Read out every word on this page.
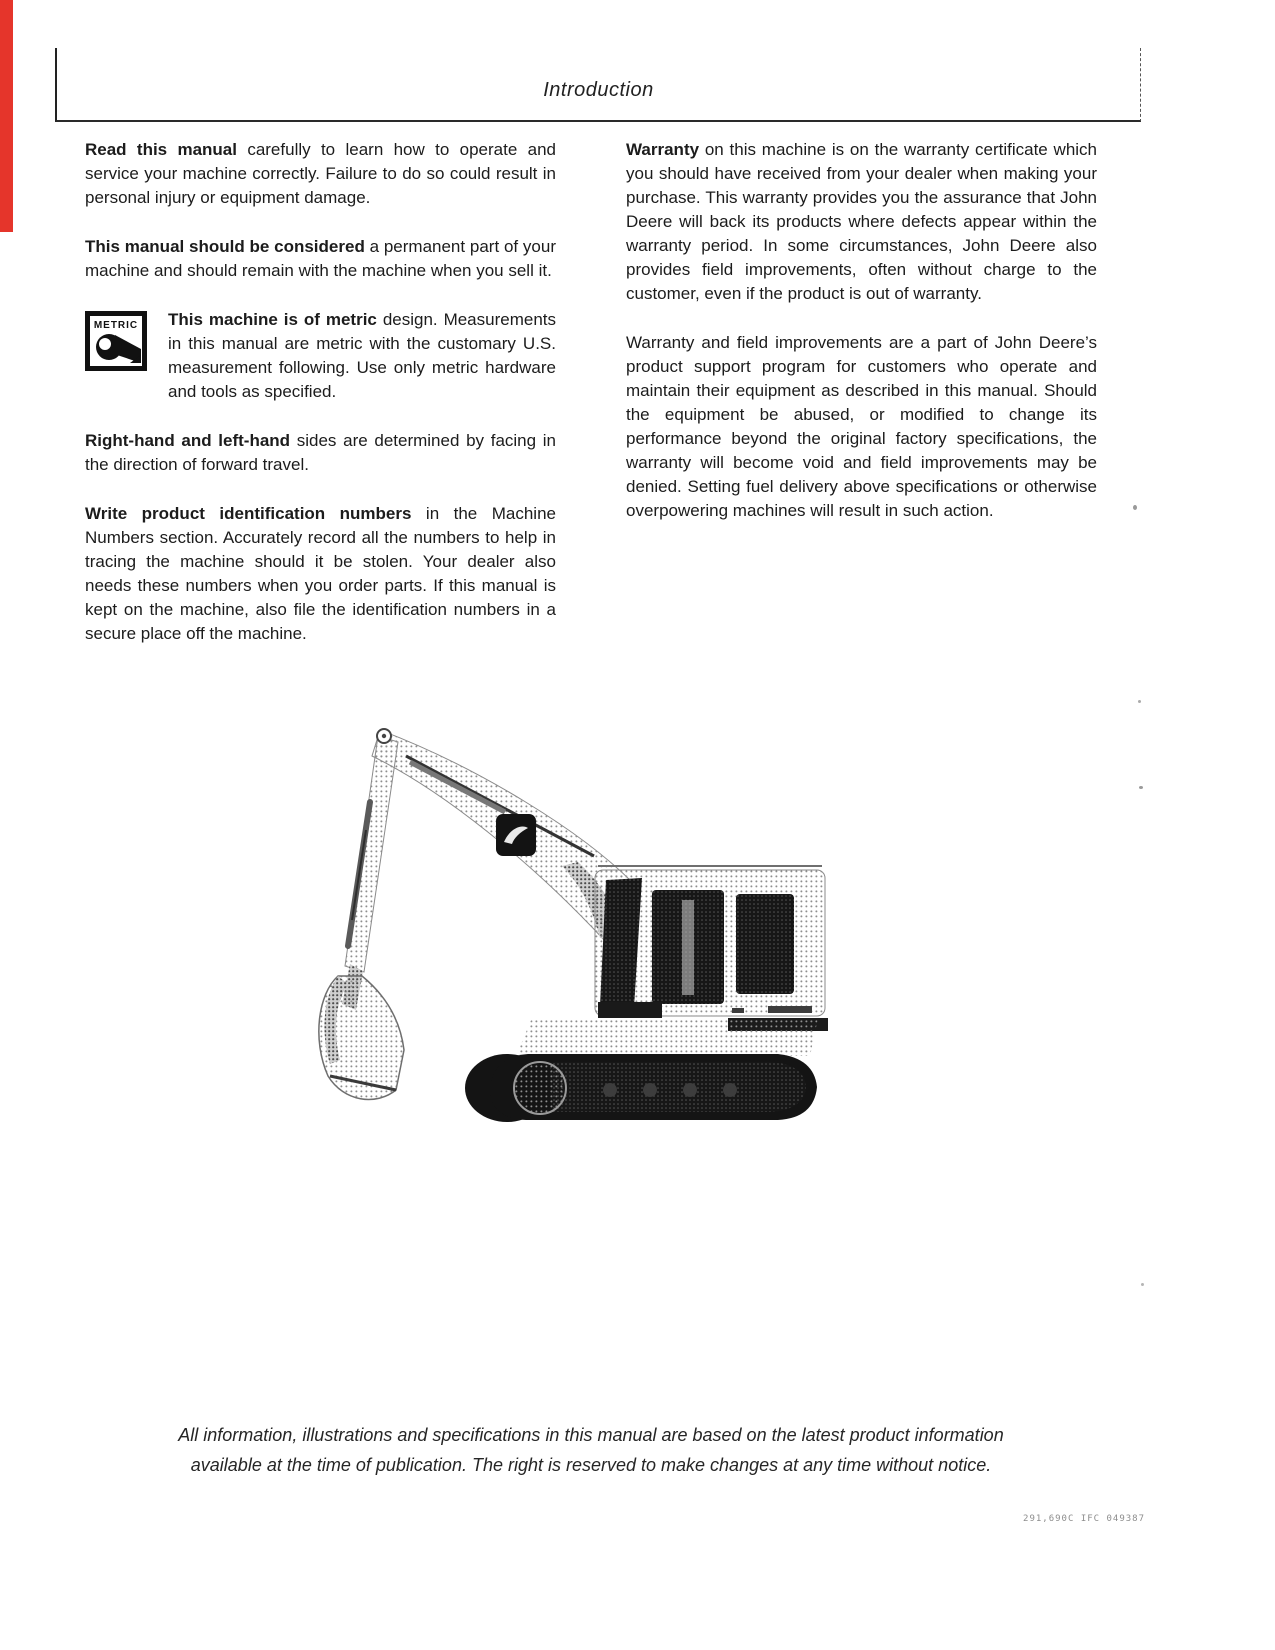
Introduction

Read this manual carefully to learn how to operate and service your machine correctly. Failure to do so could result in personal injury or equipment damage.

This manual should be considered a permanent part of your machine and should remain with the machine when you sell it.

METRIC This machine is of metric design. Measurements in this manual are metric with the customary U.S. measurement following. Use only metric hardware and tools as specified.

Right-hand and left-hand sides are determined by facing in the direction of forward travel.

Write product identification numbers in the Machine Numbers section. Accurately record all the numbers to help in tracing the machine should it be stolen. Your dealer also needs these numbers when you order parts. If this manual is kept on the machine, also file the identification numbers in a secure place off the machine.

Warranty on this machine is on the warranty certificate which you should have received from your dealer when making your purchase. This warranty provides you the assurance that John Deere will back its products where defects appear within the warranty period. In some circumstances, John Deere also provides field improvements, often without charge to the customer, even if the product is out of warranty.

Warranty and field improvements are a part of John Deere’s product support program for customers who operate and maintain their equipment as described in this manual. Should the equipment be abused, or modified to change its performance beyond the original factory specifications, the warranty will become void and field improvements may be denied. Setting fuel delivery above specifications or otherwise overpowering machines will result in such action.

All information, illustrations and specifications in this manual are based on the latest product information
available at the time of publication. The right is reserved to make changes at any time without notice.
291,690C IFC 049387
